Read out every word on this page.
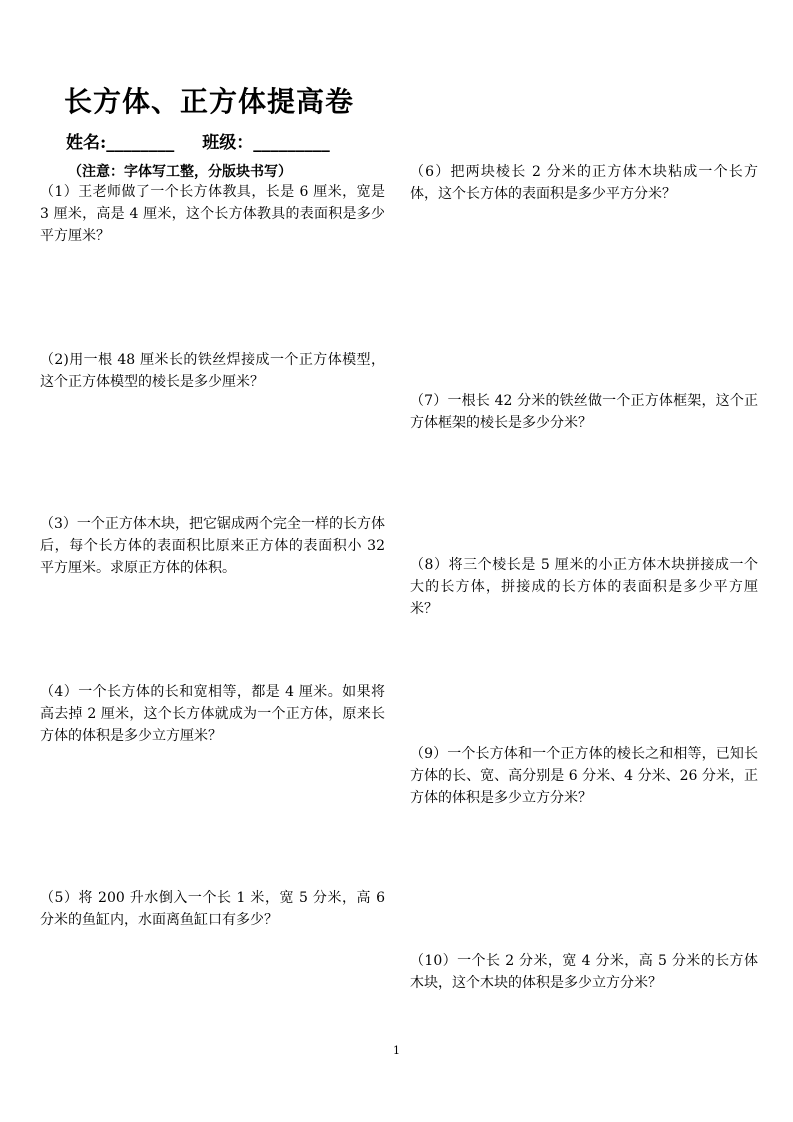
长方体、正方体提高卷
姓名:________ 班级：_________
（注意：字体写工整，分版块书写）
（1）王老师做了一个长方体教具，长是 6 厘米，宽是 3 厘米，高是 4 厘米，这个长方体教具的表面积是多少平方厘米？
（2)用一根 48 厘米长的铁丝焊接成一个正方体模型，这个正方体模型的棱长是多少厘米？
（3）一个正方体木块，把它锯成两个完全一样的长方体后，每个长方体的表面积比原来正方体的表面积小 32 平方厘米。求原正方体的体积。
（4）一个长方体的长和宽相等，都是 4 厘米。如果将高去掉 2 厘米，这个长方体就成为一个正方体，原来长方体的体积是多少立方厘米？
（5）将 200 升水倒入一个长 1 米，宽 5 分米，高 6 分米的鱼缸内，水面离鱼缸口有多少？
（6）把两块棱长 2 分米的正方体木块粘成一个长方体，这个长方体的表面积是多少平方分米？
（7）一根长 42 分米的铁丝做一个正方体框架，这个正方体框架的棱长是多少分米？
（8）将三个棱长是 5 厘米的小正方体木块拼接成一个大的长方体，拼接成的长方体的表面积是多少平方厘米？
（9）一个长方体和一个正方体的棱长之和相等，已知长方体的长、宽、高分别是 6 分米、4 分米、26 分米，正方体的体积是多少立方分米？
（10）一个长 2 分米，宽 4 分米，高 5 分米的长方体木块，这个木块的体积是多少立方分米？
1
